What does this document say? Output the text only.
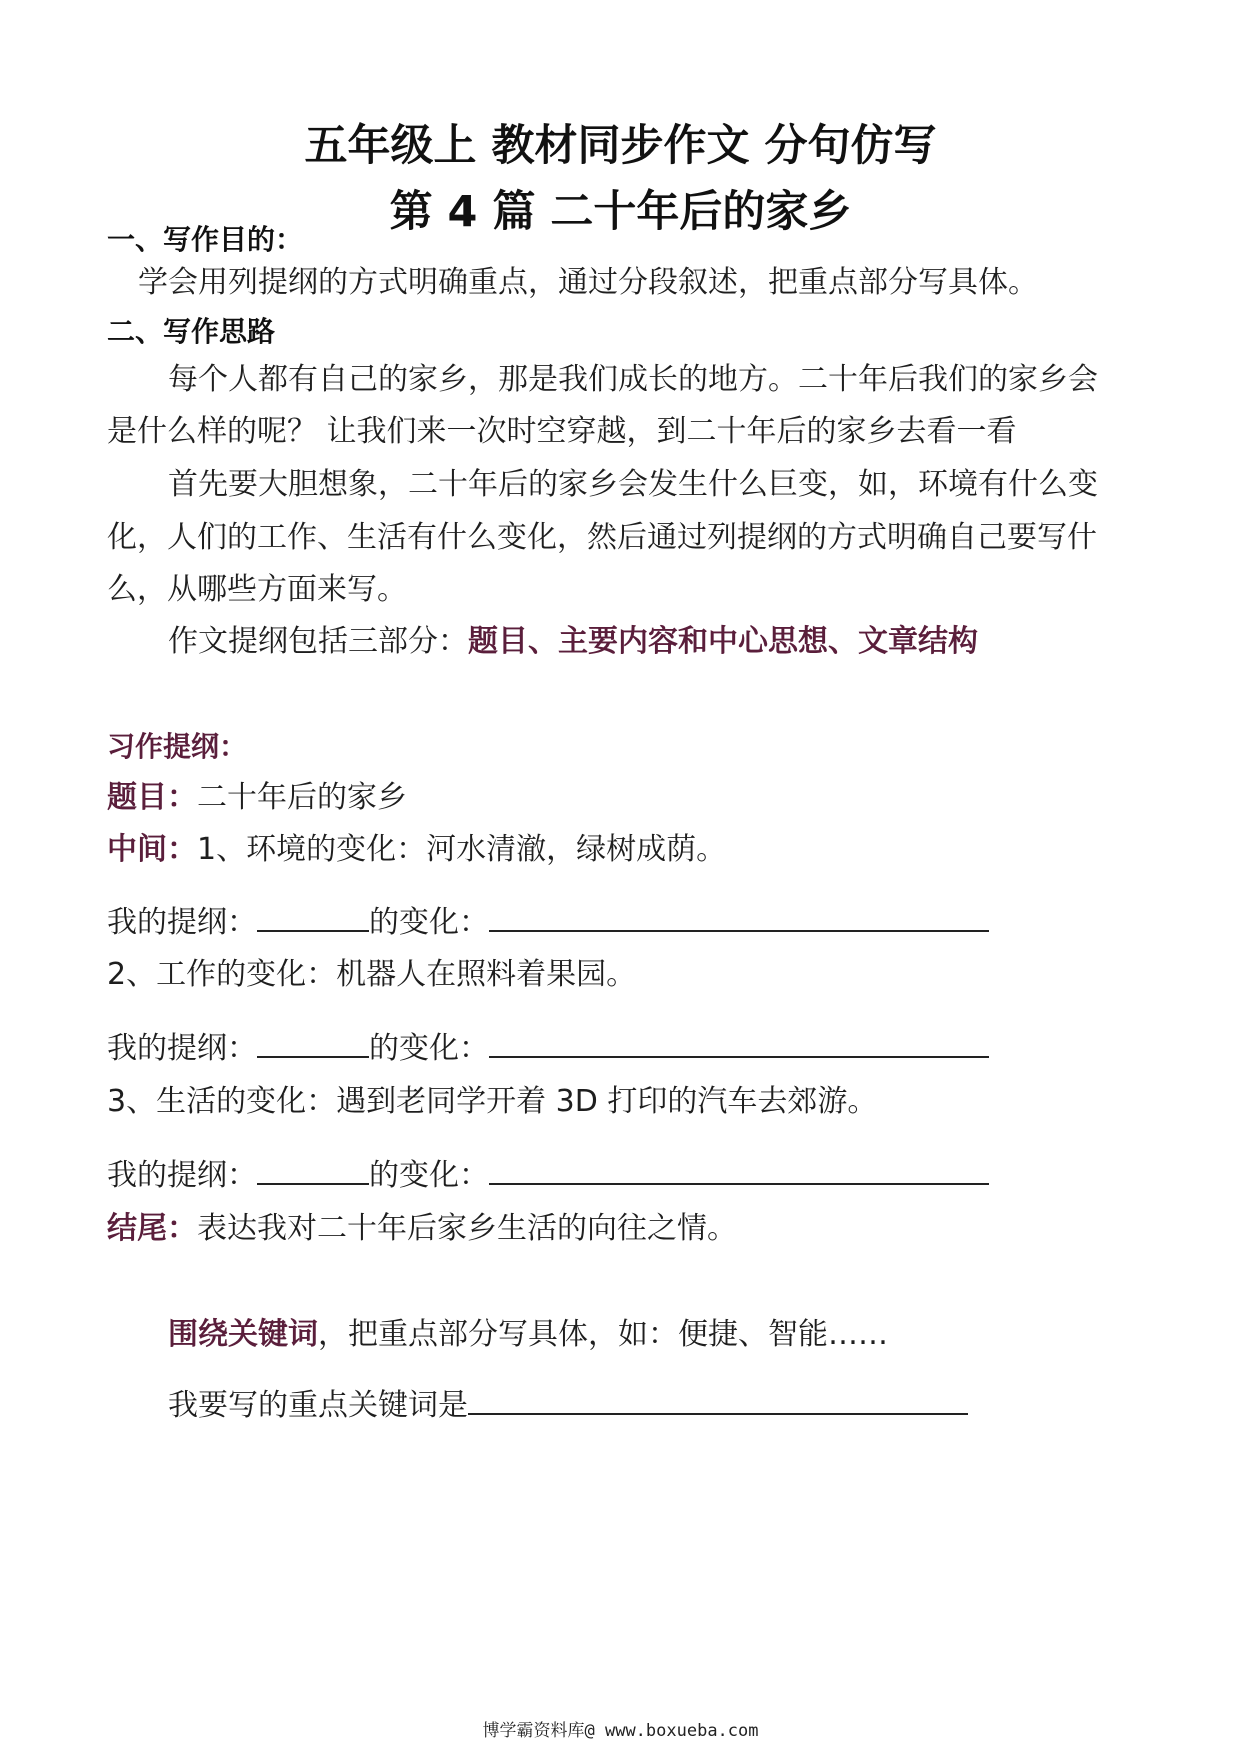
五年级上 教材同步作文 分句仿写
第 4 篇 二十年后的家乡
一、写作目的：
学会用列提纲的方式明确重点，通过分段叙述，把重点部分写具体。
二、写作思路
每个人都有自己的家乡，那是我们成长的地方。二十年后我们的家乡会
是什么样的呢？ 让我们来一次时空穿越，到二十年后的家乡去看一看
首先要大胆想象，二十年后的家乡会发生什么巨变，如，环境有什么变
化，人们的工作、生活有什么变化，然后通过列提纲的方式明确自己要写什
么，从哪些方面来写。
作文提纲包括三部分：题目、主要内容和中心思想、文章结构
习作提纲：
题目：二十年后的家乡
中间：1、环境的变化：河水清澈，绿树成荫。
我的提纲：	的变化：
2、工作的变化：机器人在照料着果园。
我的提纲：	的变化：
3、生活的变化：遇到老同学开着 3D 打印的汽车去郊游。
我的提纲：	的变化：
结尾：表达我对二十年后家乡生活的向往之情。
围绕关键词，把重点部分写具体，如：便捷、智能……
我要写的重点关键词是
博学霸资料库@ www.boxueba.com
